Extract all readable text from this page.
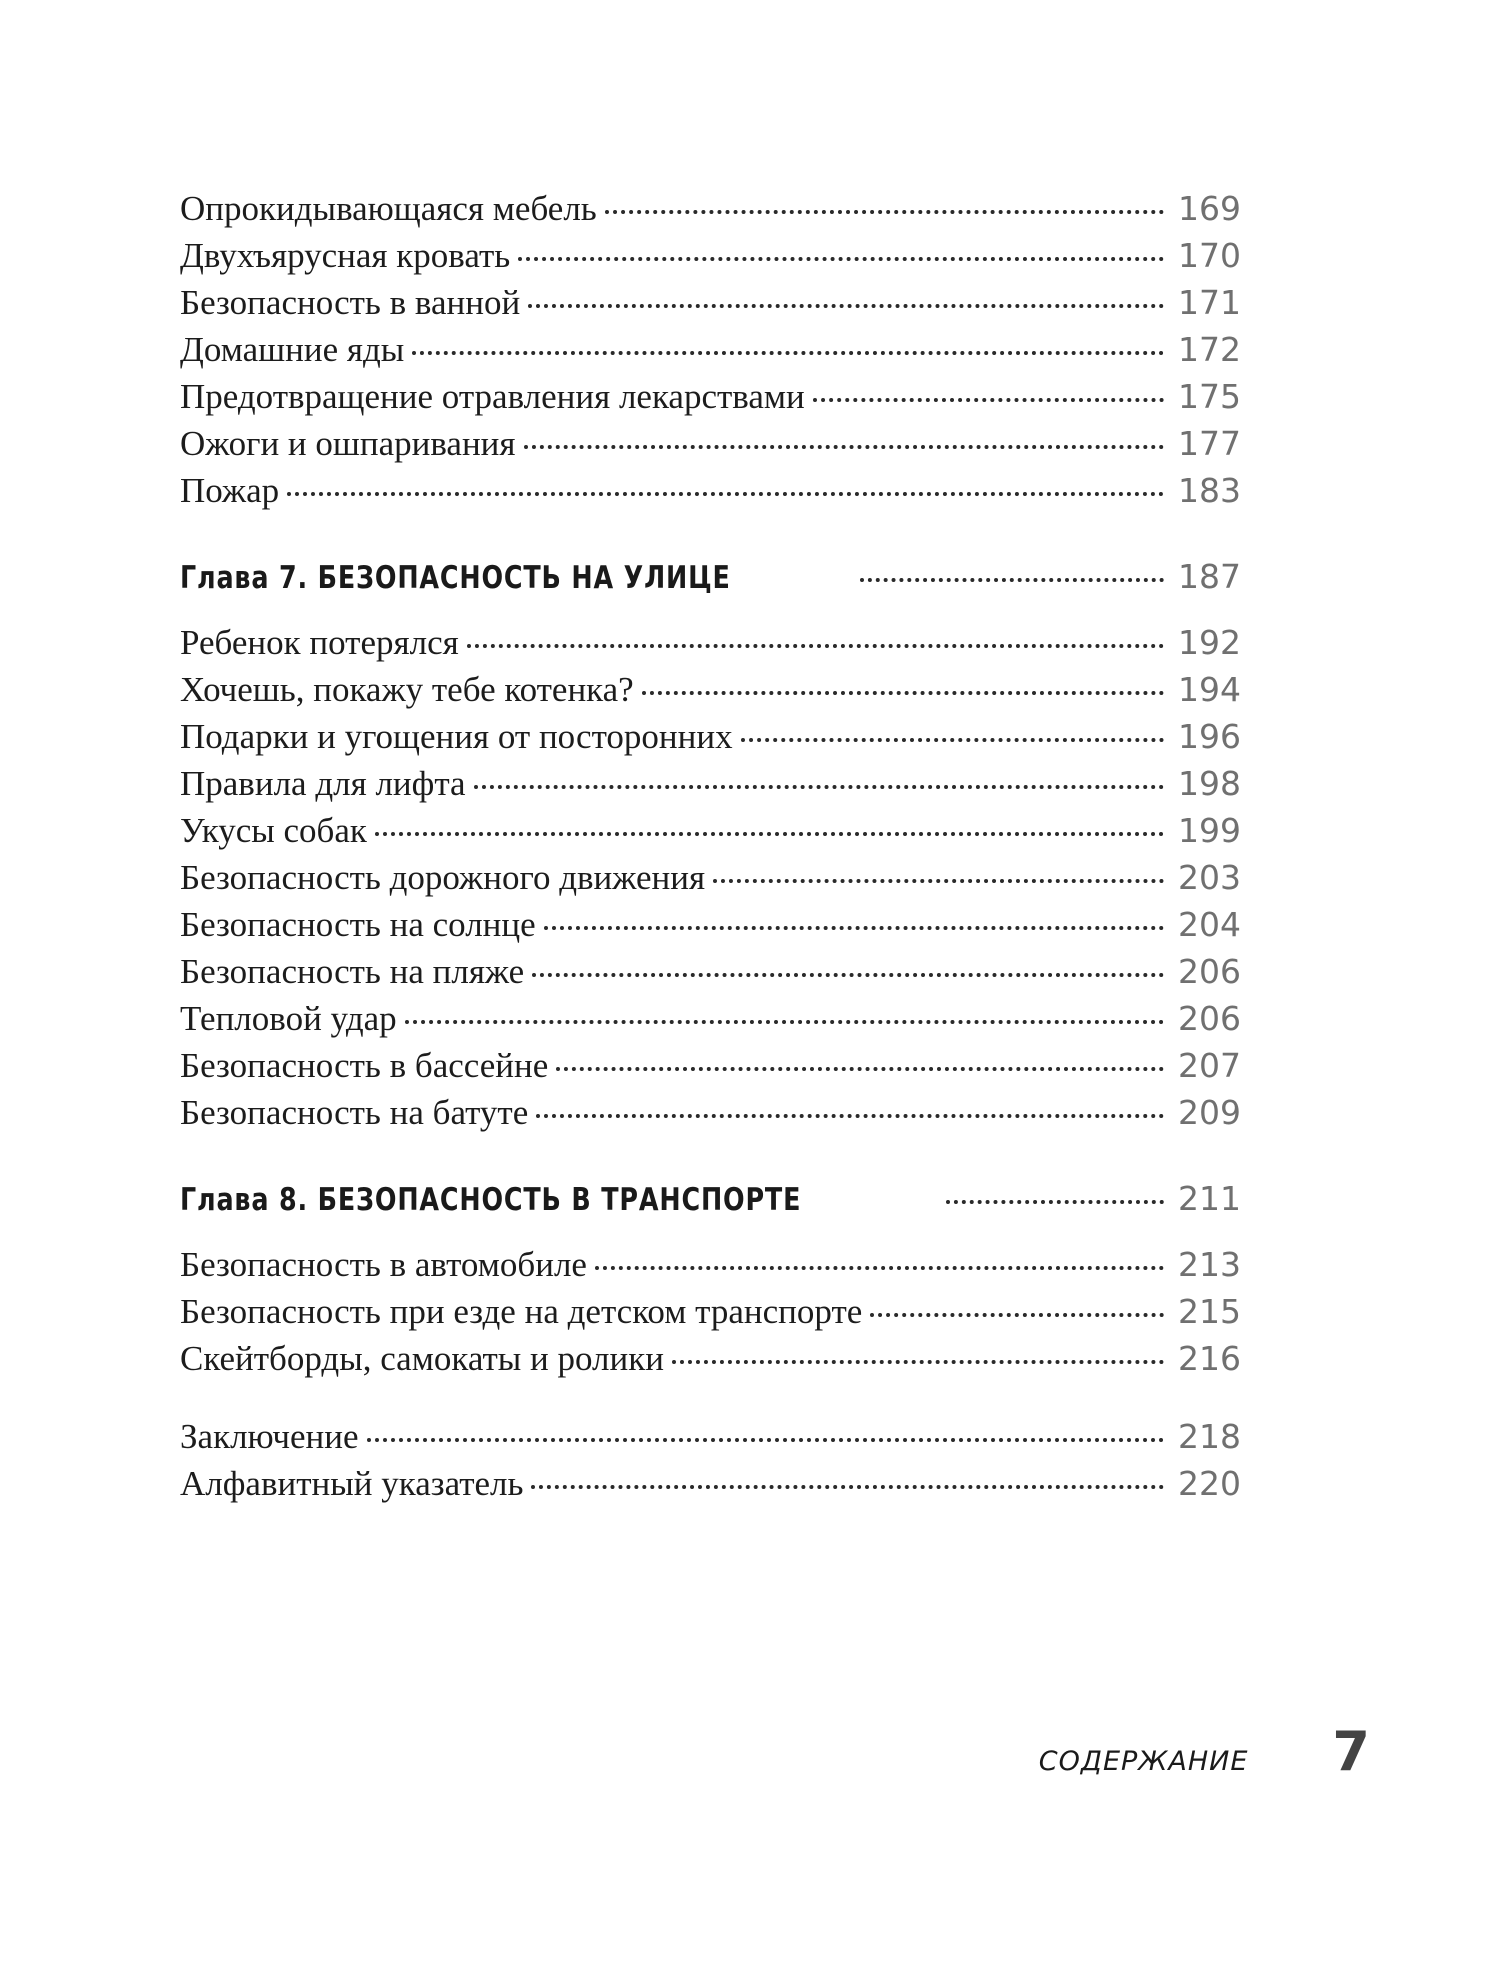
Опрокидывающаяся мебель	169
Двухъярусная кровать	170
Безопасность в ванной	171
Домашние яды	172
Предотвращение отравления лекарствами	175
Ожоги и ошпаривания	177
Пожар	183
Глава 7. БЕЗОПАСНОСТЬ НА УЛИЦЕ	187
Ребенок потерялся	192
Хочешь, покажу тебе котенка?	194
Подарки и угощения от посторонних	196
Правила для лифта	198
Укусы собак	199
Безопасность дорожного движения	203
Безопасность на солнце	204
Безопасность на пляже	206
Тепловой удар	206
Безопасность в бассейне	207
Безопасность на батуте	209
Глава 8. БЕЗОПАСНОСТЬ В ТРАНСПОРТЕ	211
Безопасность в автомобиле	213
Безопасность при езде на детском транспорте	215
Скейтборды, самокаты и ролики	216
Заключение	218
Алфавитный указатель	220
СОДЕРЖАНИЕ 7
